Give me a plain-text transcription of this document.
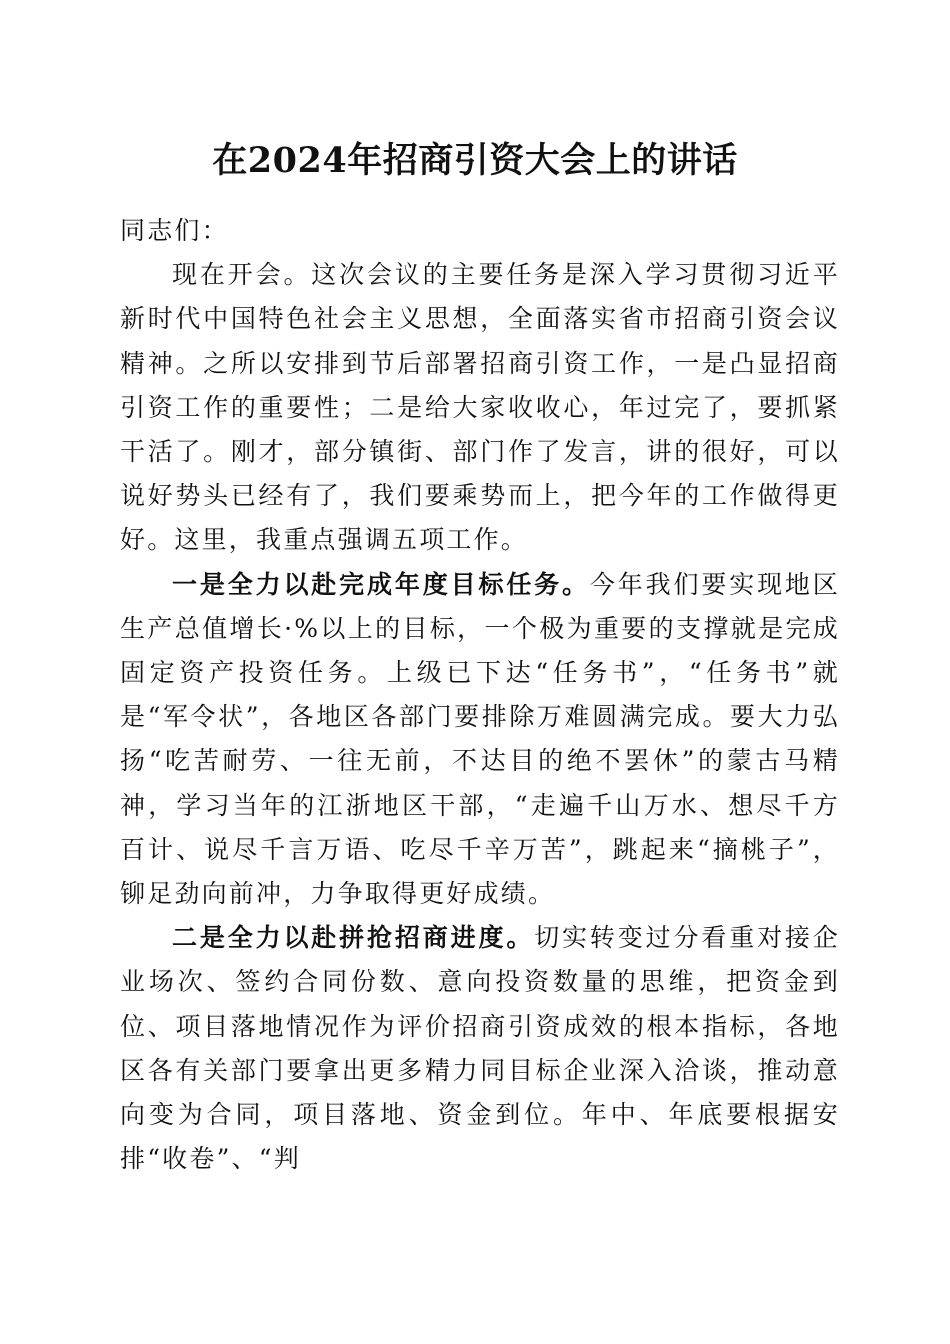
在2024年招商引资大会上的讲话

同志们：

现在开会。这次会议的主要任务是深入学习贯彻习近平新时代中国特色社会主义思想，全面落实省市招商引资会议精神。之所以安排到节后部署招商引资工作，一是凸显招商引资工作的重要性；二是给大家收收心，年过完了，要抓紧干活了。刚才，部分镇街、部门作了发言，讲的很好，可以说好势头已经有了，我们要乘势而上，把今年的工作做得更好。这里，我重点强调五项工作。

一是全力以赴完成年度目标任务。今年我们要实现地区生产总值增长·%以上的目标，一个极为重要的支撑就是完成固定资产投资任务。上级已下达“任务书”，“任务书”就是“军令状”，各地区各部门要排除万难圆满完成。要大力弘扬“吃苦耐劳、一往无前，不达目的绝不罢休”的蒙古马精神，学习当年的江浙地区干部，“走遍千山万水、想尽千方百计、说尽千言万语、吃尽千辛万苦”，跳起来“摘桃子”，铆足劲向前冲，力争取得更好成绩。

二是全力以赴拼抢招商进度。切实转变过分看重对接企业场次、签约合同份数、意向投资数量的思维，把资金到位、项目落地情况作为评价招商引资成效的根本指标，各地区各有关部门要拿出更多精力同目标企业深入洽谈，推动意向变为合同，项目落地、资金到位。年中、年底要根据安排“收卷”、“判
